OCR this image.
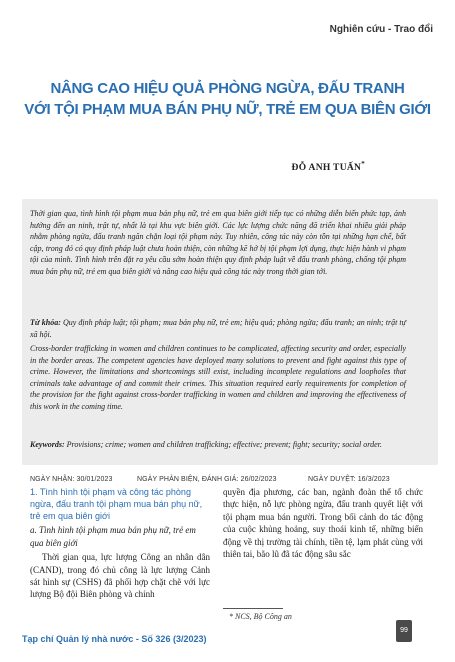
Nghiên cứu - Trao đổi
NÂNG CAO HIỆU QUẢ PHÒNG NGỪA, ĐẤU TRANH
VỚI TỘI PHẠM MUA BÁN PHỤ NỮ, TRẺ EM QUA BIÊN GIỚI
ĐỖ ANH TUẤN*
Thời gian qua, tình hình tội phạm mua bán phụ nữ, trẻ em qua biên giới tiếp tục có những diễn biến phức tạp, ảnh hưởng đến an ninh, trật tự, nhất là tại khu vực biên giới. Các lực lượng chức năng đã triển khai nhiều giải pháp nhằm phòng ngừa, đấu tranh ngăn chặn loại tội phạm này. Tuy nhiên, công tác này còn tồn tại những hạn chế, bất cập, trong đó có quy định pháp luật chưa hoàn thiện, còn những kẽ hở bị tội phạm lợi dụng, thực hiện hành vi phạm tội của mình. Tình hình trên đặt ra yêu cầu sớm hoàn thiện quy định pháp luật về đấu tranh phòng, chống tội phạm mua bán phụ nữ, trẻ em qua biên giới và nâng cao hiệu quả công tác này trong thời gian tới.
Từ khóa: Quy định pháp luật; tội phạm; mua bán phụ nữ, trẻ em; hiệu quả; phòng ngừa; đấu tranh; an ninh; trật tự xã hội.
Cross-border trafficking in women and children continues to be complicated, affecting security and order, especially in the border areas. The competent agencies have deployed many solutions to prevent and fight against this type of crime. However, the limitations and shortcomings still exist, including incomplete regulations and loopholes that criminals take advantage of and commit their crimes. This situation required early requirements for completion of the provision for the fight against cross-border trafficking in women and children and improving the effectiveness of this work in the coming time.
Keywords: Provisions; crime; women and children trafficking; effective; prevent; fight; security; social order.
NGÀY NHẬN: 30/01/2023	NGÀY PHẢN BIỆN, ĐÁNH GIÁ: 26/02/2023	NGÀY DUYỆT: 16/3/2023
1. Tình hình tội phạm và công tác phòng ngừa, đấu tranh tội phạm mua bán phụ nữ, trẻ em qua biên giới
a. Tình hình tội phạm mua bán phụ nữ, trẻ em qua biên giới
Thời gian qua, lực lượng Công an nhân dân (CAND), trong đó chủ công là lực lượng Cảnh sát hình sự (CSHS) đã phối hợp chặt chẽ với lực lượng Bộ đội Biên phòng và chính
quyền địa phương, các ban, ngành đoàn thể tổ chức thực hiện, nỗ lực phòng ngừa, đấu tranh quyết liệt với tội phạm mua bán người. Trong bối cảnh do tác động của cuộc khủng hoảng, suy thoái kinh tế, những biến động về thị trường tài chính, tiền tệ, lạm phát cùng với thiên tai, bão lũ đã tác động sâu sắc
* NCS, Bộ Công an
Tạp chí Quản lý nhà nước - Số 326 (3/2023)
99
